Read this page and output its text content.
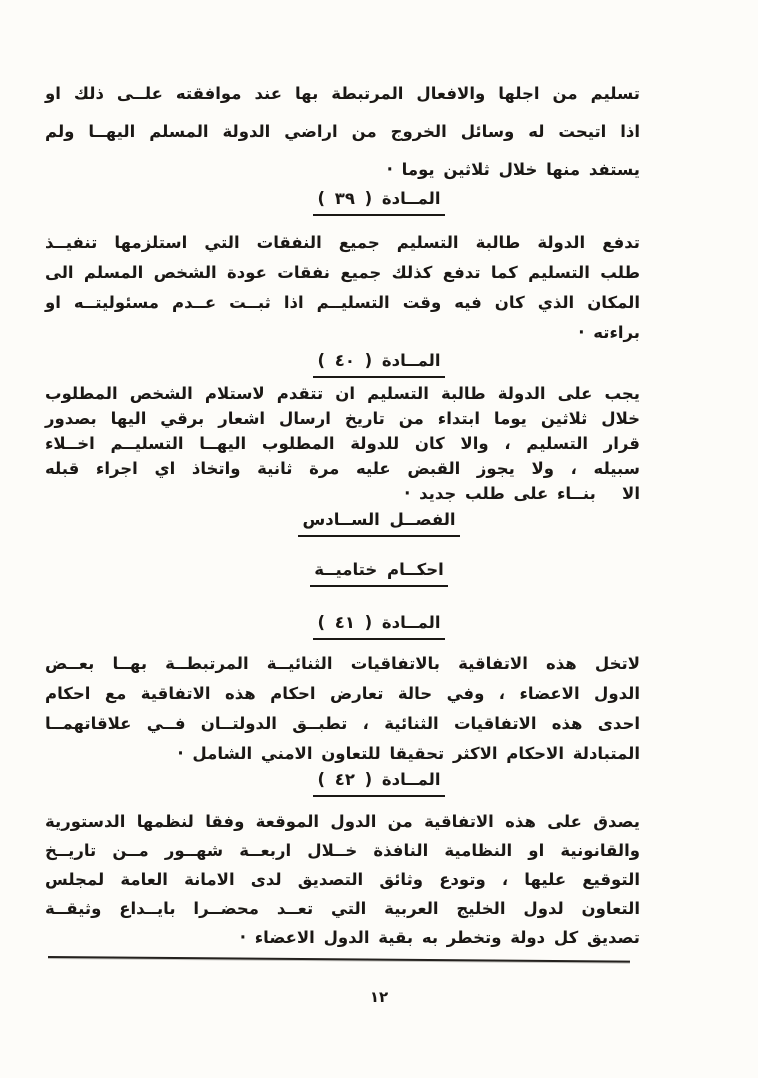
تسليم من اجلها والافعال المرتبطة بها عند موافقته علــى ذلك او
اذا اتيحت له وسائل الخروج من اراضي الدولة المسلم اليهــا ولم
يستفد منها خلال ثلاثين يوما ·
المــادة ( ٣٩ )
تدفع الدولة طالبة التسليم جميع النفقات التي استلزمها تنفيــذ
طلب التسليم كما تدفع كذلك جميع نفقات عودة الشخص المسلم الى
المكان الذي كان فيه وقت التسليــم اذا ثبــت عــدم مسئوليتــه او
براءته ·
المــادة ( ٤٠ )
يجب على الدولة طالبة التسليم ان تتقدم لاستلام الشخص المطلوب
خلال ثلاثين يوما ابتداء من تاريخ ارسال اشعار برقي اليها بصدور
قرار التسليم ، والا كان للدولة المطلوب اليهــا التسليــم اخــلاء
سبيله ، ولا يجوز القبض عليه مرة ثانية واتخاذ اي اجراء قبله
الا   بنــاء على طلب جديد ·
الفصــل الســادس
احكــام ختاميــة
المــادة ( ٤١ )
لاتخل هذه الاتفاقية بالاتفاقيات الثنائيــة المرتبطــة بهــا بعــض
الدول الاعضاء ، وفي حالة تعارض احكام هذه الاتفاقية مع احكام
احدى هذه الاتفاقيات الثنائية ، تطبــق الدولتــان فــي علاقاتهمــا
المتبادلة الاحكام الاكثر تحقيقا للتعاون الامني الشامل ·
المــادة ( ٤٢ )
يصدق على هذه الاتفاقية من الدول الموقعة وفقا لنظمها الدستورية
والقانونية او النظامية النافذة خــلال اربعــة شهــور مــن تاريــخ
التوقيع عليها ، وتودع وثائق التصديق لدى الامانة العامة لمجلس
التعاون لدول الخليج العربية التي تعــد محضــرا بايــداع وثيقــة
تصديق كل دولة وتخطر به بقية الدول الاعضاء ·
١٢
